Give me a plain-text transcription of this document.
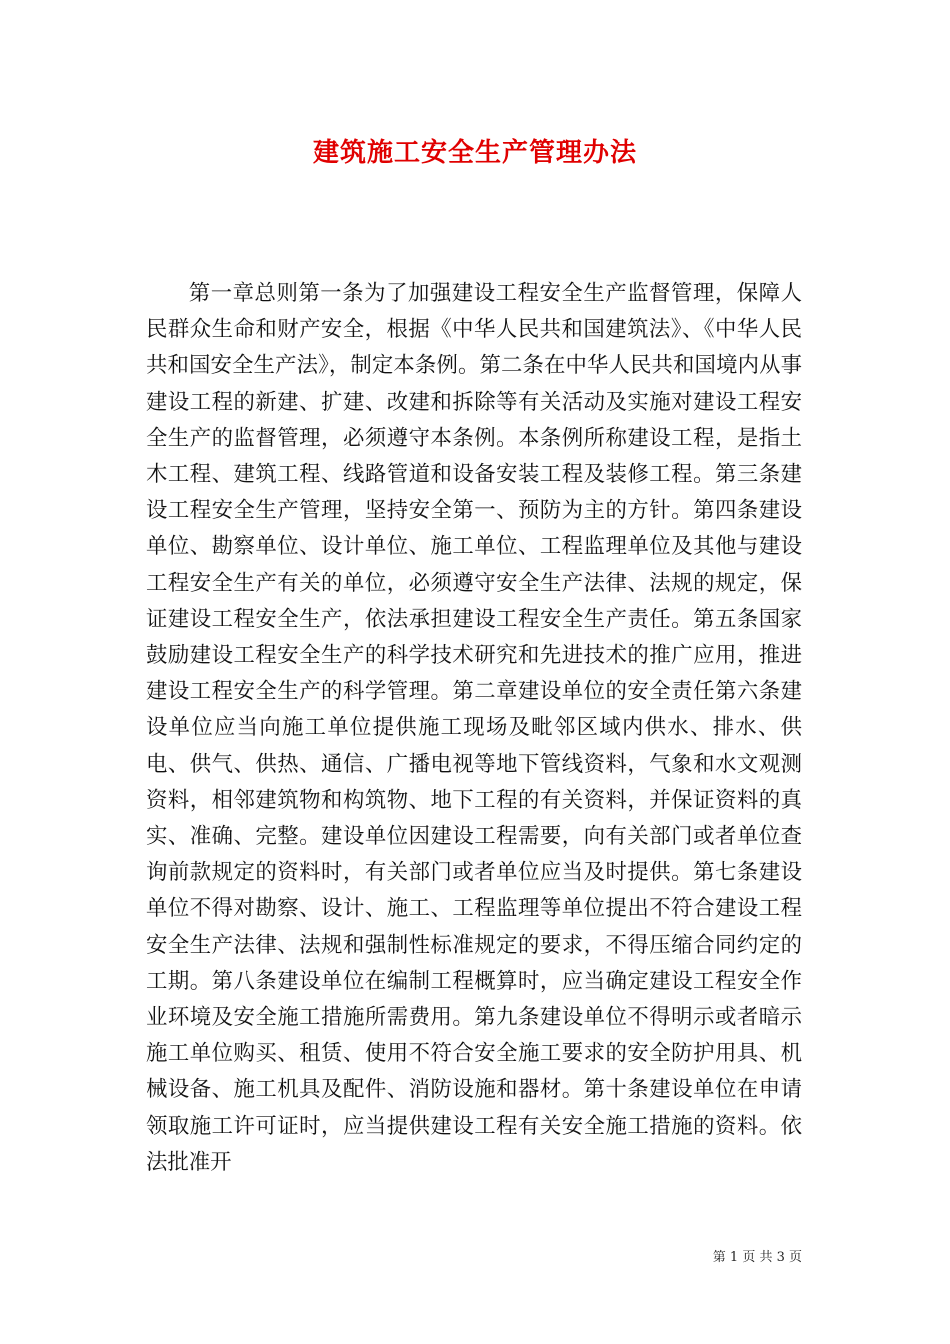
建筑施工安全生产管理办法

第一章总则第一条为了加强建设工程安全生产监督管理，保障人民群众生命和财产安全，根据《中华人民共和国建筑法》、《中华人民共和国安全生产法》，制定本条例。第二条在中华人民共和国境内从事建设工程的新建、扩建、改建和拆除等有关活动及实施对建设工程安全生产的监督管理，必须遵守本条例。本条例所称建设工程，是指土木工程、建筑工程、线路管道和设备安装工程及装修工程。第三条建设工程安全生产管理，坚持安全第一、预防为主的方针。第四条建设单位、勘察单位、设计单位、施工单位、工程监理单位及其他与建设工程安全生产有关的单位，必须遵守安全生产法律、法规的规定，保证建设工程安全生产，依法承担建设工程安全生产责任。第五条国家鼓励建设工程安全生产的科学技术研究和先进技术的推广应用，推进建设工程安全生产的科学管理。第二章建设单位的安全责任第六条建设单位应当向施工单位提供施工现场及毗邻区域内供水、排水、供电、供气、供热、通信、广播电视等地下管线资料，气象和水文观测资料，相邻建筑物和构筑物、地下工程的有关资料，并保证资料的真实、准确、完整。建设单位因建设工程需要，向有关部门或者单位查询前款规定的资料时，有关部门或者单位应当及时提供。第七条建设单位不得对勘察、设计、施工、工程监理等单位提出不符合建设工程安全生产法律、法规和强制性标准规定的要求，不得压缩合同约定的工期。第八条建设单位在编制工程概算时，应当确定建设工程安全作业环境及安全施工措施所需费用。第九条建设单位不得明示或者暗示施工单位购买、租赁、使用不符合安全施工要求的安全防护用具、机械设备、施工机具及配件、消防设施和器材。第十条建设单位在申请领取施工许可证时，应当提供建设工程有关安全施工措施的资料。依法批准开

第 1 页 共 3 页
